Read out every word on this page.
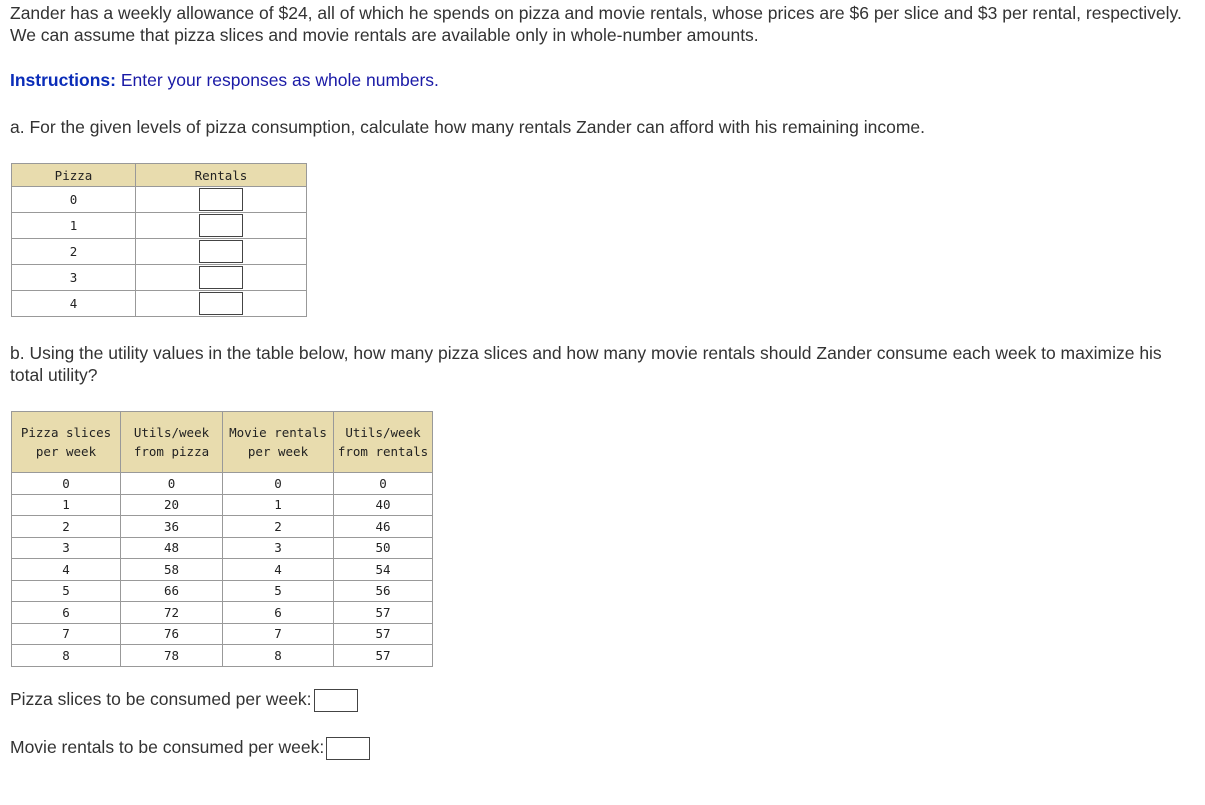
Zander has a weekly allowance of $24, all of which he spends on pizza and movie rentals, whose prices are $6 per slice and $3 per rental, respectively. We can assume that pizza slices and movie rentals are available only in whole-number amounts.

Instructions: Enter your responses as whole numbers.

a. For the given levels of pizza consumption, calculate how many rentals Zander can afford with his remaining income.

Pizza	Rentals
0	
1	
2	
3	
4	

b. Using the utility values in the table below, how many pizza slices and how many movie rentals should Zander consume each week to maximize his total utility?

Pizza slices per week	Utils/week from pizza	Movie rentals per week	Utils/week from rentals
0	0	0	0
1	20	1	40
2	36	2	46
3	48	3	50
4	58	4	54
5	66	5	56
6	72	6	57
7	76	7	57
8	78	8	57

Pizza slices to be consumed per week:

Movie rentals to be consumed per week:
